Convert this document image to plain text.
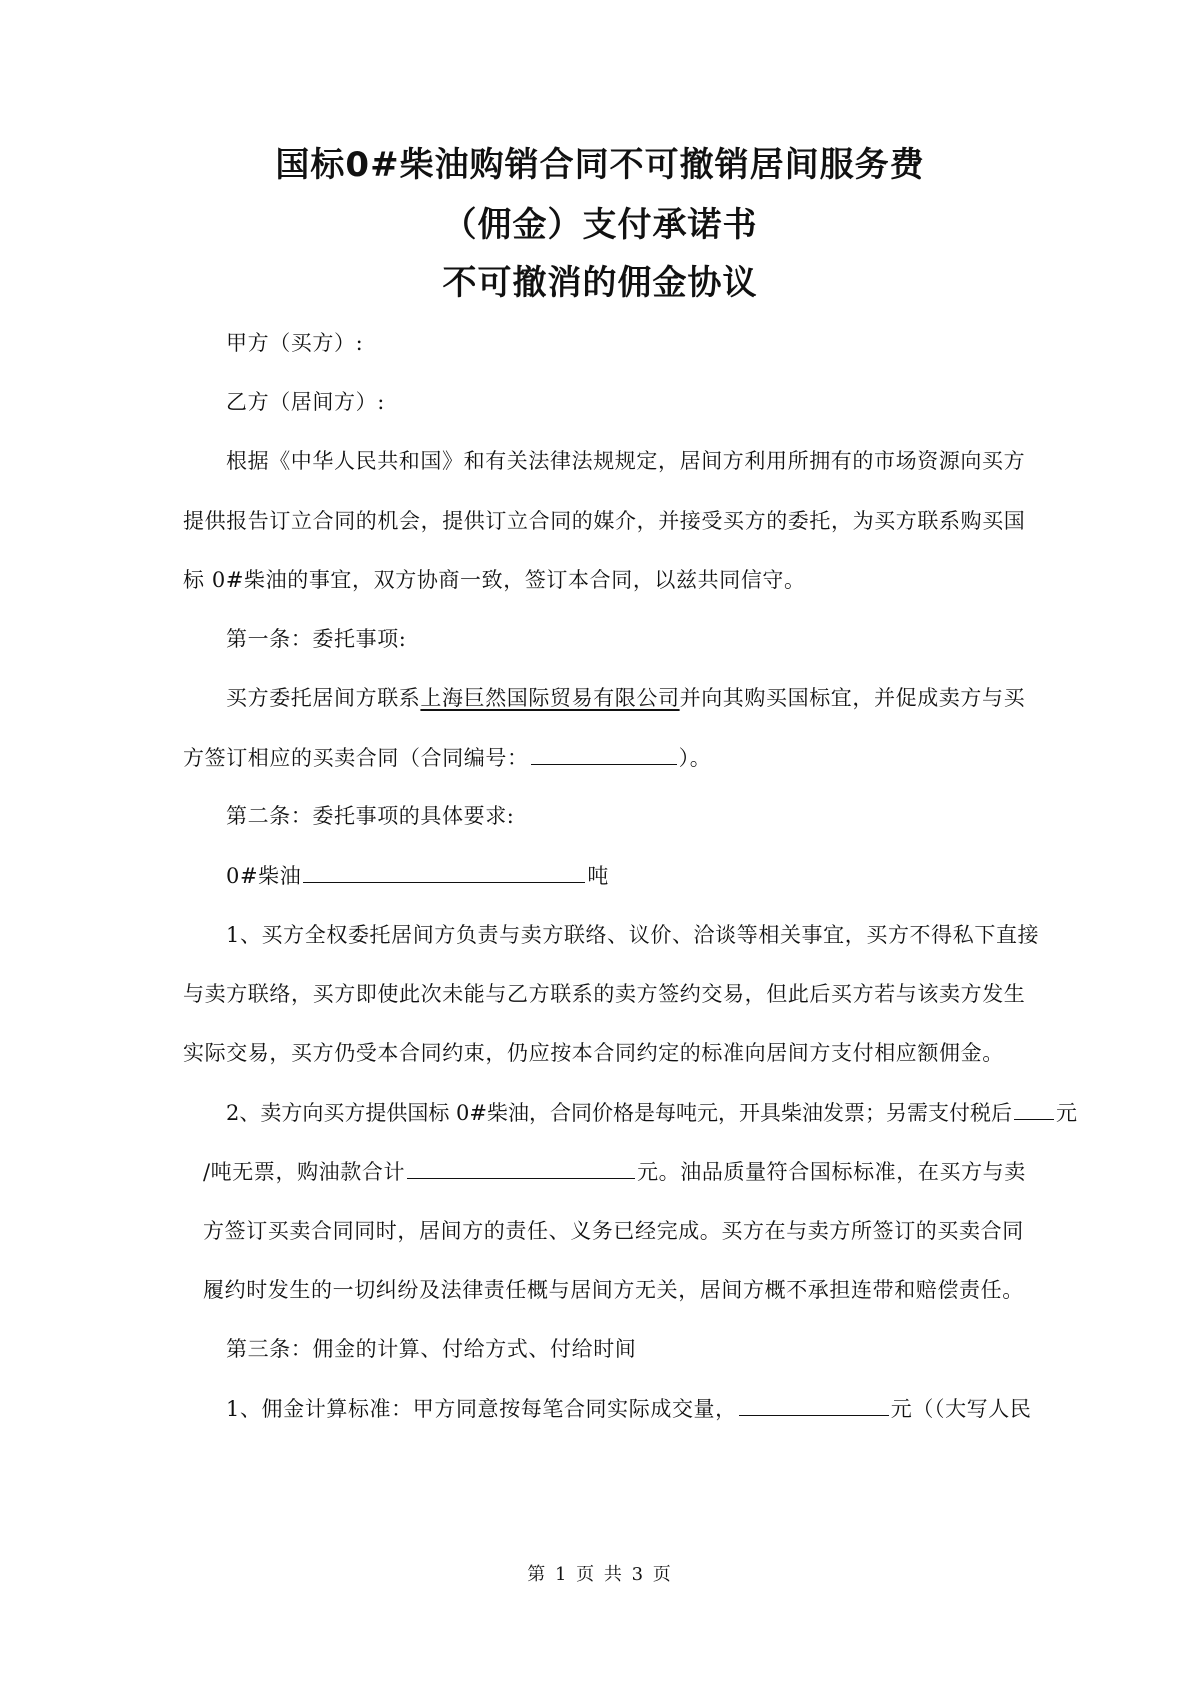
国标0#柴油购销合同不可撤销居间服务费
（佣金）支付承诺书
不可撤消的佣金协议
甲方（买方）:
乙方（居间方）:
根据《中华人民共和国》和有关法律法规规定，居间方利用所拥有的市场资源向买方
提供报告订立合同的机会，提供订立合同的媒介，并接受买方的委托，为买方联系购买国
标 0#柴油的事宜，双方协商一致，签订本合同，以兹共同信守。
第一条：委托事项:
买方委托居间方联系上海巨然国际贸易有限公司并向其购买国标宜，并促成卖方与买
方签订相应的买卖合同（合同编号：	）。
第二条：委托事项的具体要求:
0#柴油	吨
1、买方全权委托居间方负责与卖方联络、议价、洽谈等相关事宜，买方不得私下直接
与卖方联络，买方即使此次未能与乙方联系的卖方签约交易，但此后买方若与该卖方发生
实际交易，买方仍受本合同约束，仍应按本合同约定的标准向居间方支付相应额佣金。
2、卖方向买方提供国标 0#柴油，合同价格是每吨元，开具柴油发票；另需支付税后 元
/吨无票，购油款合计	元。油品质量符合国标标准，在买方与卖
方签订买卖合同同时，居间方的责任、义务已经完成。买方在与卖方所签订的买卖合同
履约时发生的一切纠纷及法律责任概与居间方无关，居间方概不承担连带和赔偿责任。
第三条：佣金的计算、付给方式、付给时间
1、佣金计算标准：甲方同意按每笔合同实际成交量，	元（（大写人民
第 1 页 共 3 页
